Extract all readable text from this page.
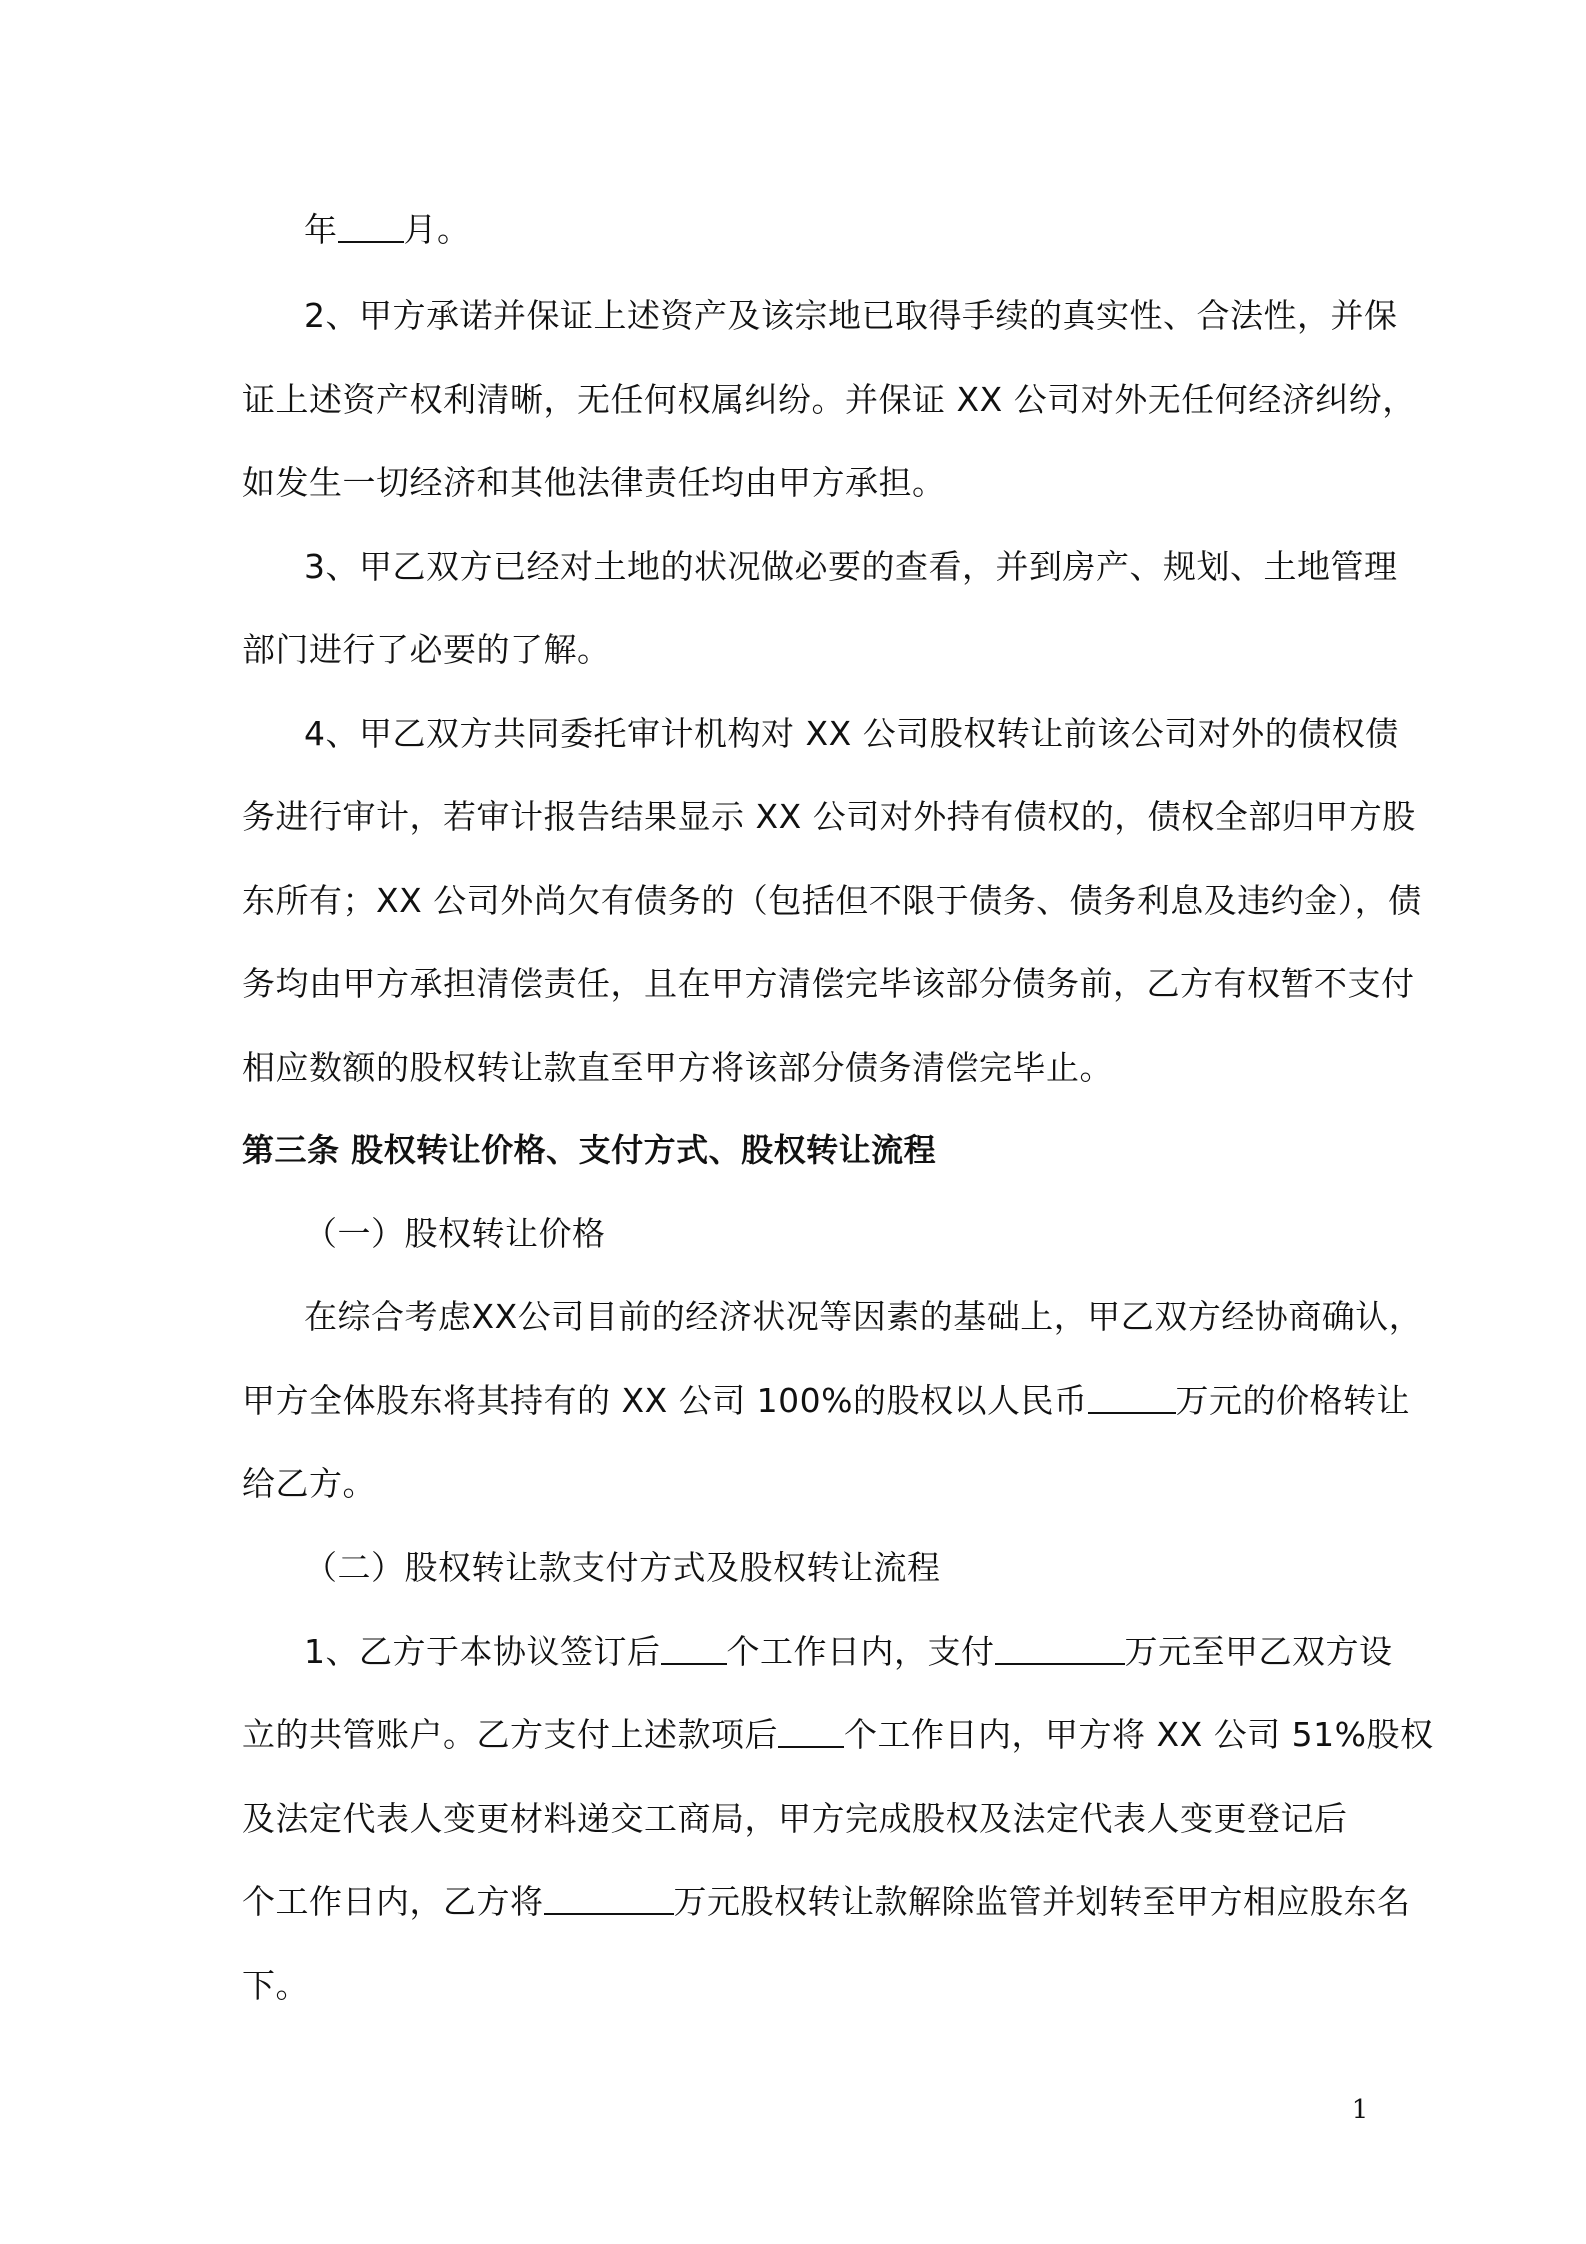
年 月。
2、甲方承诺并保证上述资产及该宗地已取得手续的真实性、合法性，并保
证上述资产权利清晰，无任何权属纠纷。并保证 XX 公司对外无任何经济纠纷，
如发生一切经济和其他法律责任均由甲方承担。
3、甲乙双方已经对土地的状况做必要的查看，并到房产、规划、土地管理
部门进行了必要的了解。
4、甲乙双方共同委托审计机构对 XX 公司股权转让前该公司对外的债权债
务进行审计，若审计报告结果显示 XX 公司对外持有债权的，债权全部归甲方股
东所有；XX 公司外尚欠有债务的（包括但不限于债务、债务利息及违约金），债
务均由甲方承担清偿责任，且在甲方清偿完毕该部分债务前，乙方有权暂不支付
相应数额的股权转让款直至甲方将该部分债务清偿完毕止。
第三条 股权转让价格、支付方式、股权转让流程
（一）股权转让价格
在综合考虑XX公司目前的经济状况等因素的基础上，甲乙双方经协商确认，
甲方全体股东将其持有的 XX 公司 100%的股权以人民币	万元的价格转让
给乙方。
（二）股权转让款支付方式及股权转让流程
1、乙方于本协议签订后 个工作日内，支付	万元至甲乙双方设
立的共管账户。乙方支付上述款项后 个工作日内，甲方将 XX 公司 51%股权
及法定代表人变更材料递交工商局，甲方完成股权及法定代表人变更登记后
个工作日内，乙方将	万元股权转让款解除监管并划转至甲方相应股东名
下。
1
